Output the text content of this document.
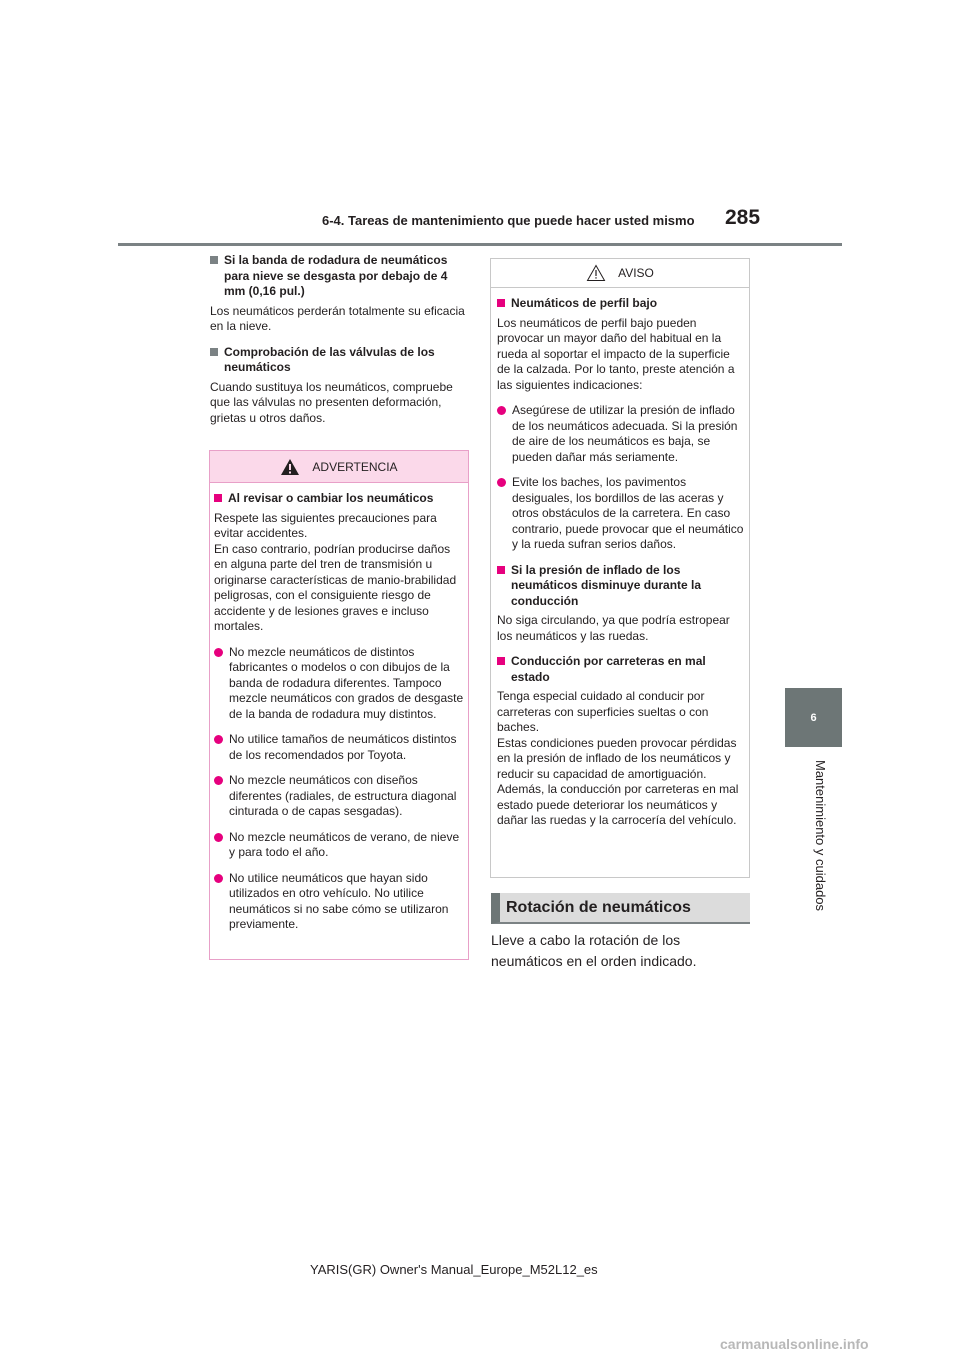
6-4. Tareas de mantenimiento que puede hacer usted mismo 285
6
Mantenimiento y cuidados
Si la banda de rodadura de neumáticos para nieve se desgasta por debajo de 4 mm (0,16 pul.)
Los neumáticos perderán totalmente su eficacia en la nieve.
Comprobación de las válvulas de los neumáticos
Cuando sustituya los neumáticos, compruebe que las válvulas no presenten deformación, grietas u otros daños.
ADVERTENCIA
Al revisar o cambiar los neumáticos
Respete las siguientes precauciones para evitar accidentes.
En caso contrario, podrían producirse daños en alguna parte del tren de transmisión u originarse características de manio-brabilidad peligrosas, con el consiguiente riesgo de accidente y de lesiones graves e incluso mortales.
No mezcle neumáticos de distintos fabricantes o modelos o con dibujos de la banda de rodadura diferentes. Tampoco mezcle neumáticos con grados de desgaste de la banda de rodadura muy distintos.
No utilice tamaños de neumáticos distintos de los recomendados por Toyota.
No mezcle neumáticos con diseños diferentes (radiales, de estructura diagonal cinturada o de capas sesgadas).
No mezcle neumáticos de verano, de nieve y para todo el año.
No utilice neumáticos que hayan sido utilizados en otro vehículo. No utilice neumáticos si no sabe cómo se utilizaron previamente.
AVISO
Neumáticos de perfil bajo
Los neumáticos de perfil bajo pueden provocar un mayor daño del habitual en la rueda al soportar el impacto de la superficie de la calzada. Por lo tanto, preste atención a las siguientes indicaciones:
Asegúrese de utilizar la presión de inflado de los neumáticos adecuada. Si la presión de aire de los neumáticos es baja, se pueden dañar más seriamente.
Evite los baches, los pavimentos desiguales, los bordillos de las aceras y otros obstáculos de la carretera. En caso contrario, puede provocar que el neumático y la rueda sufran serios daños.
Si la presión de inflado de los neumáticos disminuye durante la conducción
No siga circulando, ya que podría estropear los neumáticos y las ruedas.
Conducción por carreteras en mal estado
Tenga especial cuidado al conducir por carreteras con superficies sueltas o con baches.
Estas condiciones pueden provocar pérdidas en la presión de inflado de los neumáticos y reducir su capacidad de amortiguación. Además, la conducción por carreteras en mal estado puede deteriorar los neumáticos y dañar las ruedas y la carrocería del vehículo.
Rotación de neumáticos
Lleve a cabo la rotación de los neumáticos en el orden indicado.
YARIS(GR) Owner's Manual_Europe_M52L12_es
carmanualsonline.info
